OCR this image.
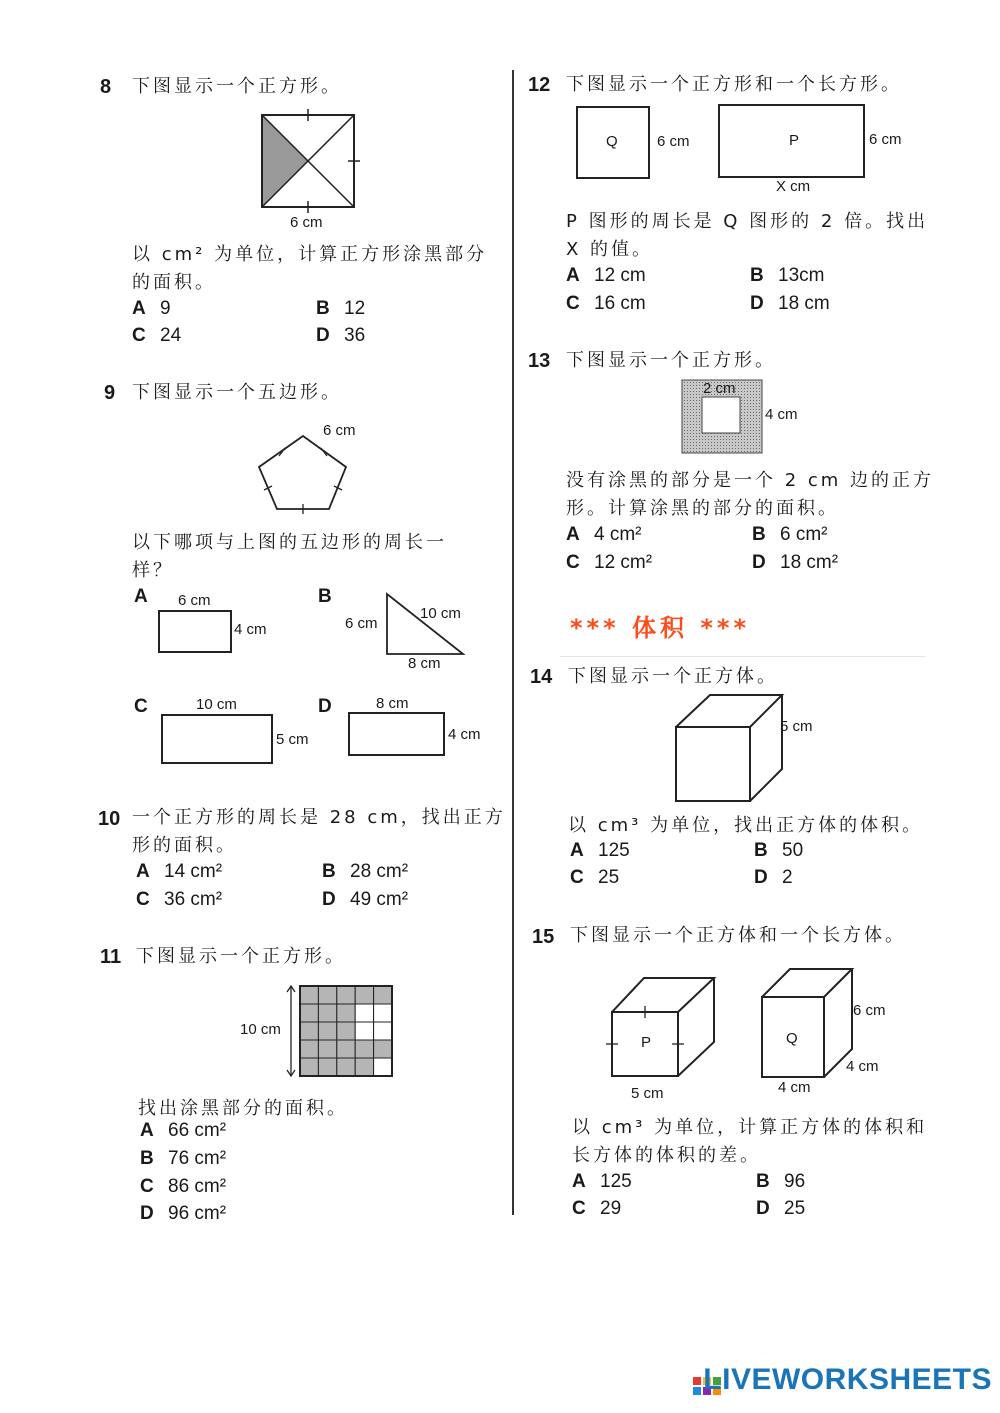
8 下图显示一个正方形。
6 cm
以 cm² 为单位，计算正方形涂黑部分
的面积。
A 9	B 12
C 24	D 36
9 下图显示一个五边形。
6 cm
以下哪项与上图的五边形的周长一
样？
A 6 cm
4 cm
B
6 cm
10 cm
8 cm
C	10 cm
5 cm
D	8 cm
4 cm
10 一个正方形的周长是 28 cm，找出正方
形的面积。
A 14 cm²	B 28 cm²
C 36 cm²	D 49 cm²
11 下图显示一个正方形。
10 cm
找出涂黑部分的面积。
A 66 cm²
B 76 cm²
C 86 cm²
D 96 cm²
12 下图显示一个正方形和一个长方形。
Q	6 cm	P	6 cm
X cm
P 图形的周长是 Q 图形的 2 倍。找出
X 的值。
A 12 cm	B 13cm
C 16 cm	D 18 cm
13 下图显示一个正方形。
2 cm
4 cm
没有涂黑的部分是一个 2 cm 边的正方
形。计算涂黑的部分的面积。
A 4 cm²	B 6 cm²
C 12 cm²	D 18 cm²
*** 体积 ***
14 下图显示一个正方体。
5 cm
以 cm³ 为单位，找出正方体的体积。
A 125	B 50
C 25	D 2
15 下图显示一个正方体和一个长方体。
P
5 cm
Q
6 cm
4 cm
4 cm
以 cm³ 为单位，计算正方体的体积和
长方体的体积的差。
A 125	B 96
C 29	D 25
LIVEWORKSHEETS
